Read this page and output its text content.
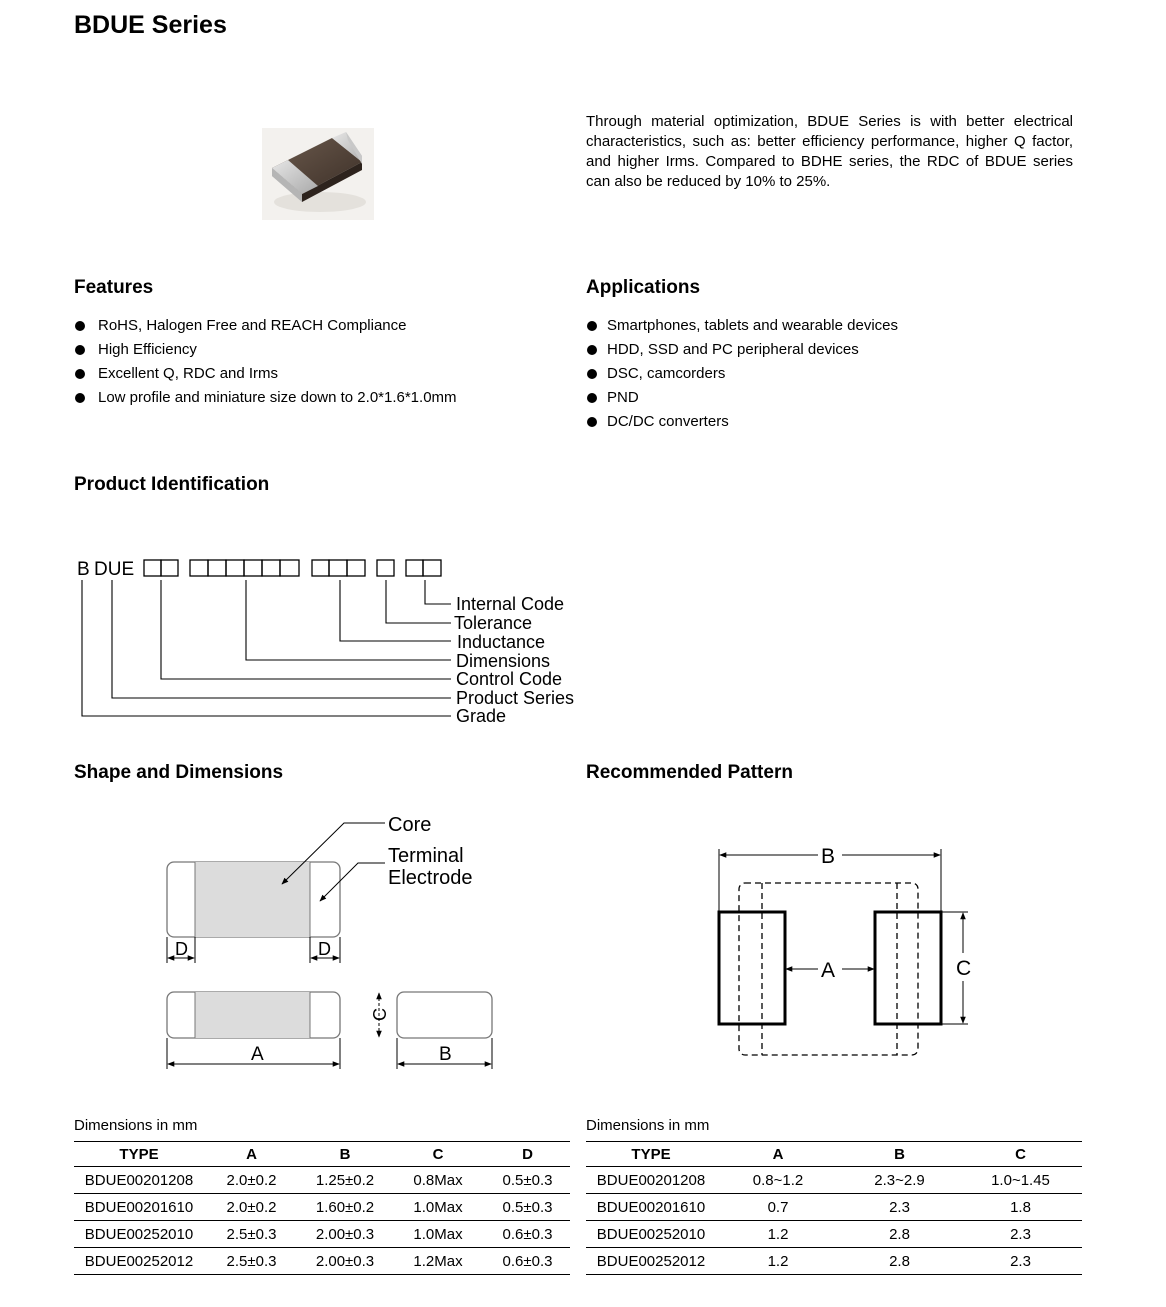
BDUE Series

Through material optimization, BDUE Series is with better electrical characteristics, such as: better efficiency performance, higher Q factor, and higher Irms. Compared to BDHE series, the RDC of BDUE series can also be reduced by 10% to 25%.

Features
RoHS, Halogen Free and REACH Compliance
High Efficiency
Excellent Q, RDC and Irms
Low profile and miniature size down to 2.0*1.6*1.0mm
Applications
Smartphones, tablets and wearable devices
HDD, SSD and PC peripheral devices
DSC, camcorders
PND
DC/DC converters
Product Identification
B DUE
Internal Code
Tolerance
Inductance
Dimensions
Control Code
Product Series
Grade
Shape and Dimensions
Core
Terminal
Electrode
D	D
A
C
B
Recommended Pattern
B
A	C

Dimensions in mm

TYPE	A	B	C	D
BDUE00201208	2.0±0.2	1.25±0.2	0.8Max	0.5±0.3
BDUE00201610	2.0±0.2	1.60±0.2	1.0Max	0.5±0.3
BDUE00252010	2.5±0.3	2.00±0.3	1.0Max	0.6±0.3
BDUE00252012	2.5±0.3	2.00±0.3	1.2Max	0.6±0.3

Dimensions in mm

TYPE	A	B	C
BDUE00201208	0.8~1.2	2.3~2.9	1.0~1.45
BDUE00201610	0.7	2.3	1.8
BDUE00252010	1.2	2.8	2.3
BDUE00252012	1.2	2.8	2.3
